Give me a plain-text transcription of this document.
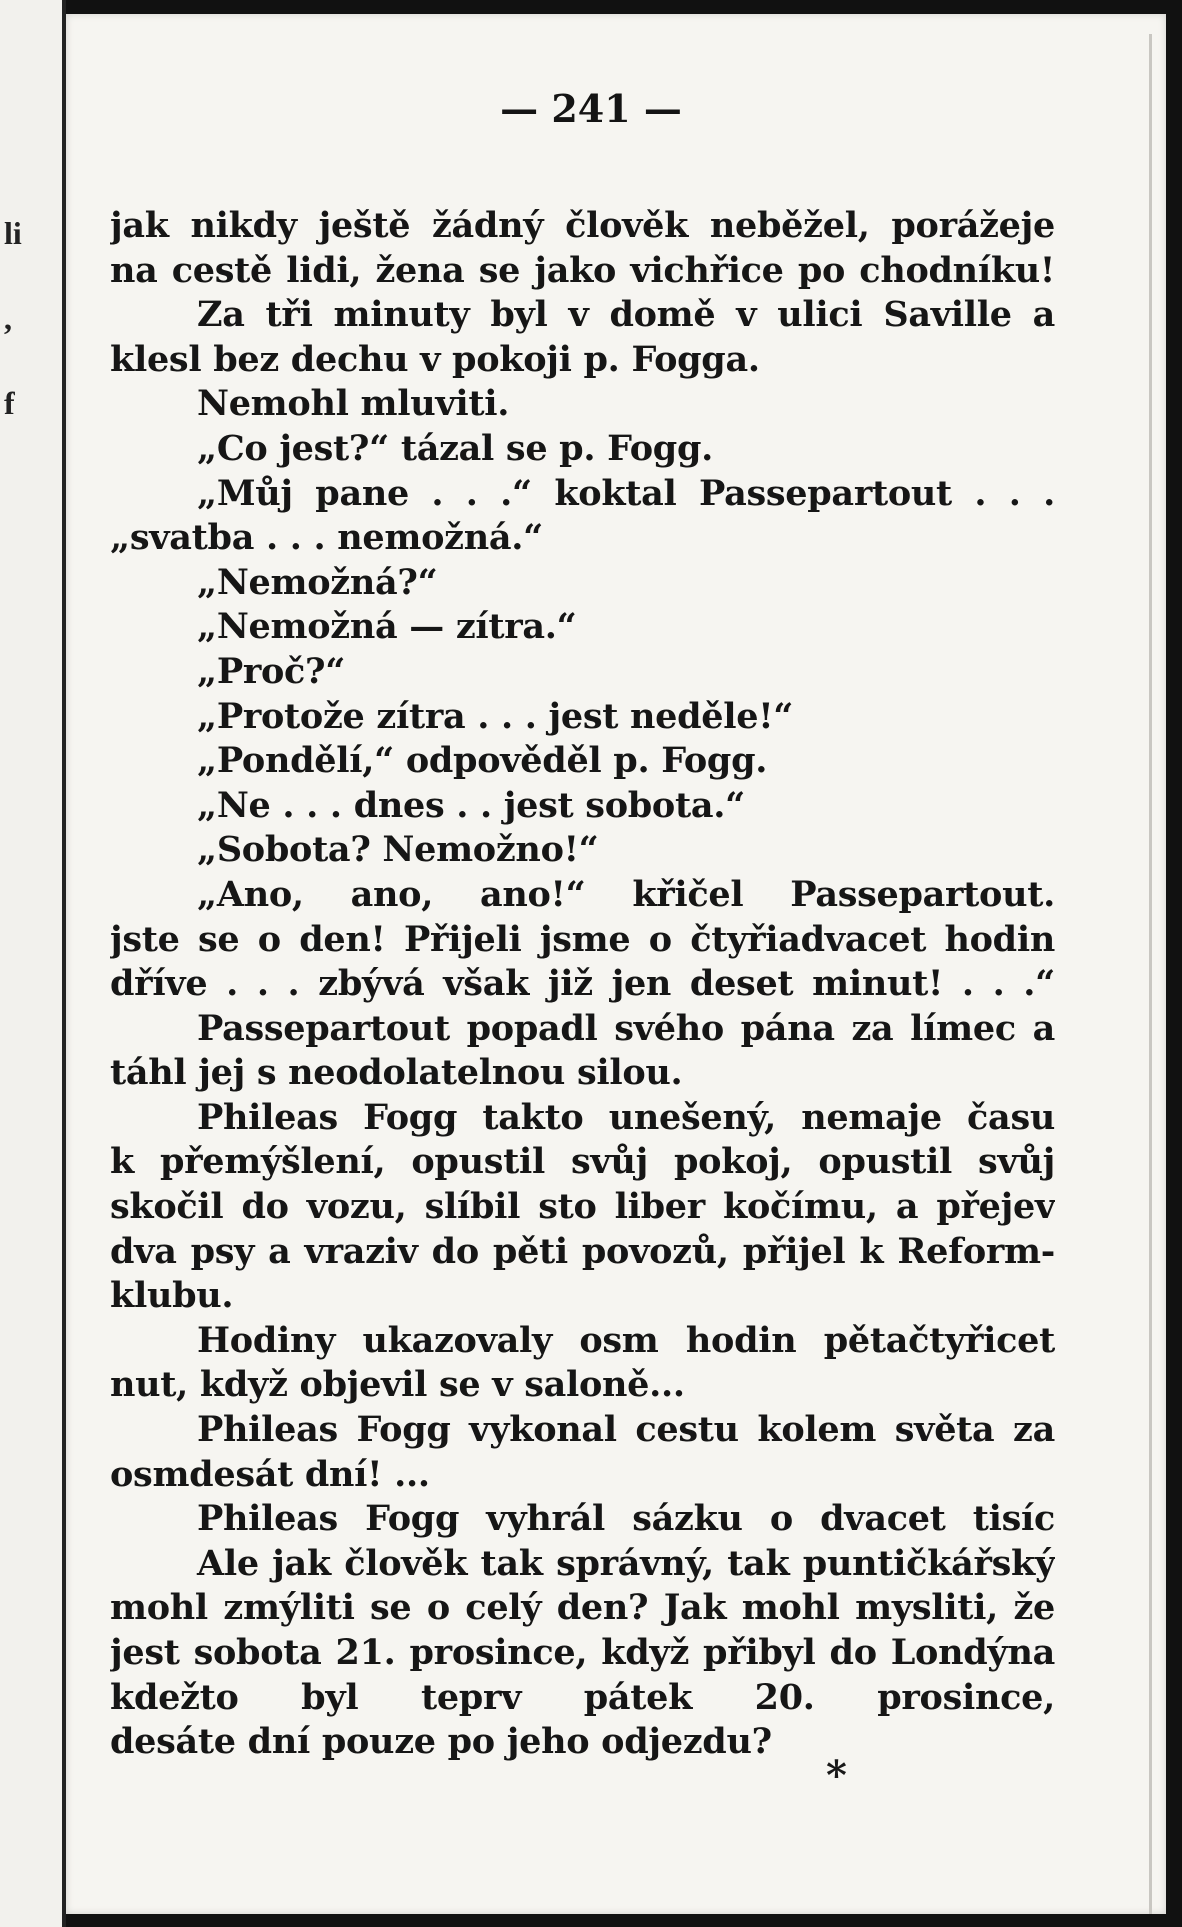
li
,
f
— 241 —
jak nikdy ještě žádný člověk neběžel, porážeje
na cestě lidi, žena se jako vichřice po chodníku!
Za tři minuty byl v domě v ulici Saville a
klesl bez dechu v pokoji p. Fogga.
Nemohl mluviti.
„Co jest?“ tázal se p. Fogg.
„Můj pane . . .“ koktal Passepartout . . .
„svatba . . . nemožná.“
„Nemožná?“
„Nemožná — zítra.“
„Proč?“
„Protože zítra . . . jest neděle!“
„Pondělí,“ odpověděl p. Fogg.
„Ne . . . dnes . . jest sobota.“
„Sobota? Nemožno!“
„Ano, ano, ano!“ křičel Passepartout.
jste se o den! Přijeli jsme o čtyřiadvacet hodin
dříve . . . zbývá však již jen deset minut! . . .“
Passepartout popadl svého pána za límec a
táhl jej s neodolatelnou silou.
Phileas Fogg takto unešený, nemaje času
k přemýšlení, opustil svůj pokoj, opustil svůj
skočil do vozu, slíbil sto liber kočímu, a přejev
dva psy a vraziv do pěti povozů, přijel k Reform-
klubu.
Hodiny ukazovaly osm hodin pětačtyřicet
nut, když objevil se v saloně...
Phileas Fogg vykonal cestu kolem světa za
osmdesát dní! ...
Phileas Fogg vyhrál sázku o dvacet tisíc
Ale jak člověk tak správný, tak puntičkářský
mohl zmýliti se o celý den? Jak mohl mysliti, že
jest sobota 21. prosince, když přibyl do Londýna
kdežto byl teprv pátek 20. prosince,
desáte dní pouze po jeho odjezdu?
*
